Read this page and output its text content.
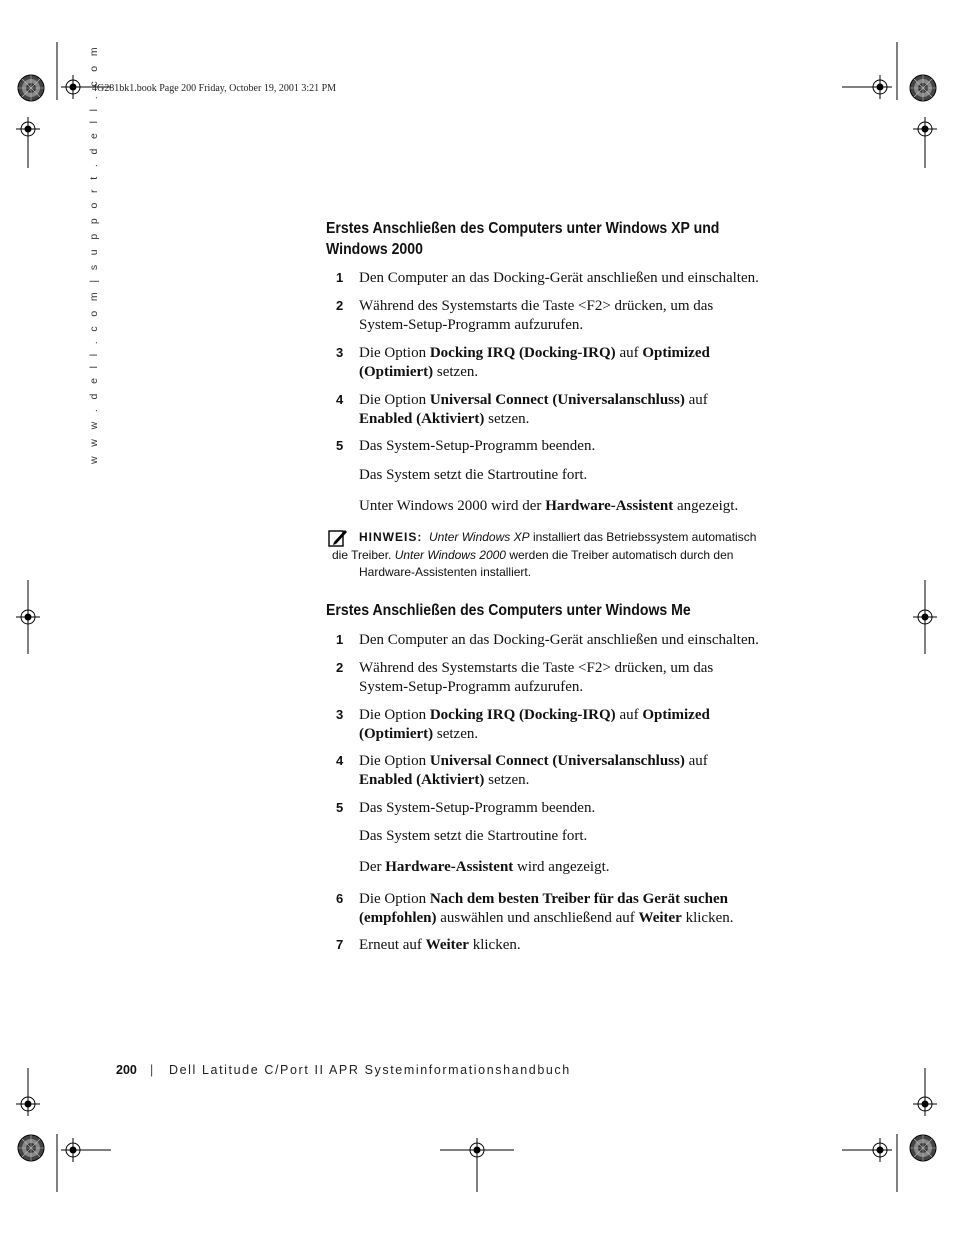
4G281bk1.book Page 200 Friday, October 19, 2001 3:21 PM
w w w . d e l l . c o m | s u p p o r t . d e l l . c o m	Erstes Anschließen des Computers unter Windows XP und
Windows 2000
1 Den Computer an das Docking-Gerät anschließen und einschalten.
2 Während des Systemstarts die Taste <F2> drücken, um das
System-Setup-Programm aufzurufen.
3 Die Option Docking IRQ (Docking-IRQ) auf Optimized
(Optimiert) setzen.
4 Die Option Universal Connect (Universalanschluss) auf
Enabled (Aktiviert) setzen.
5 Das System-Setup-Programm beenden.
Das System setzt die Startroutine fort.
Unter Windows 2000 wird der Hardware-Assistent angezeigt.
HINWEIS: Unter Windows XP installiert das Betriebssystem automatisch
die Treiber. Unter Windows 2000 werden die Treiber automatisch durch den
Hardware-Assistenten installiert.
Erstes Anschließen des Computers unter Windows Me
1 Den Computer an das Docking-Gerät anschließen und einschalten.
2 Während des Systemstarts die Taste <F2> drücken, um das
System-Setup-Programm aufzurufen.
3 Die Option Docking IRQ (Docking-IRQ) auf Optimized
(Optimiert) setzen.
4 Die Option Universal Connect (Universalanschluss) auf
Enabled (Aktiviert) setzen.
5 Das System-Setup-Programm beenden.
Das System setzt die Startroutine fort.
Der Hardware-Assistent wird angezeigt.
6 Die Option Nach dem besten Treiber für das Gerät suchen
(empfohlen) auswählen und anschließend auf Weiter klicken.
7 Erneut auf Weiter klicken.
200 | Dell Latitude C/Port II APR Systeminformationshandbuch
